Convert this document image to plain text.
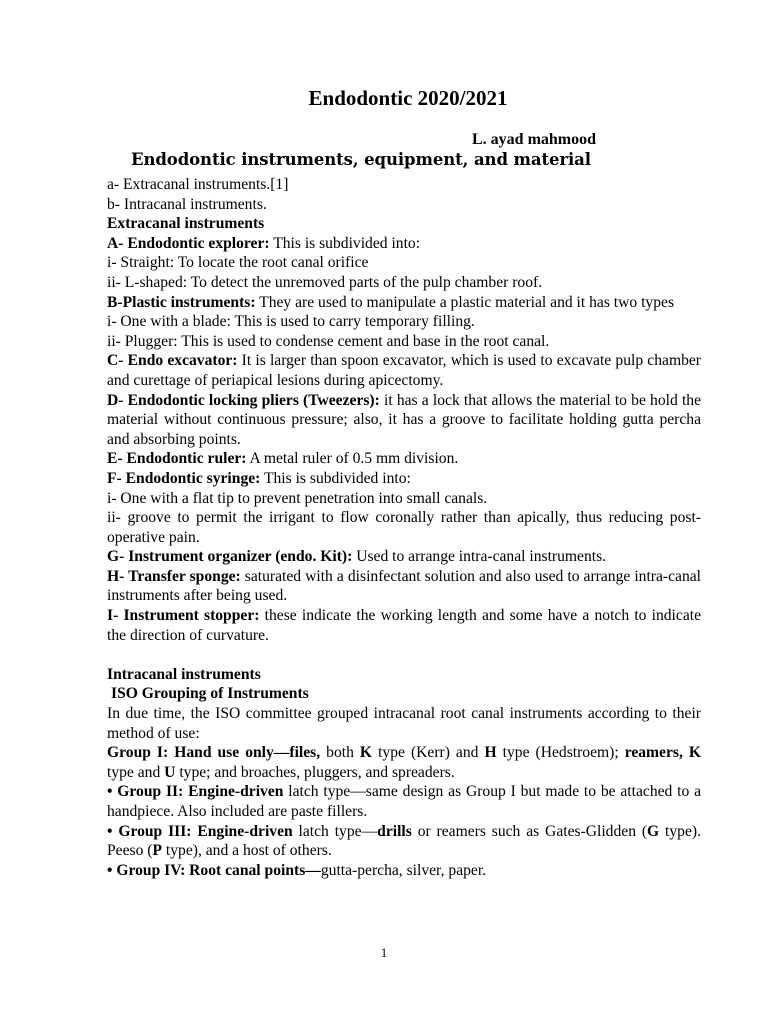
Endodontic 2020/2021
L. ayad mahmood
Endodontic instruments, equipment, and material

a- Extracanal instruments.[1]

b- Intracanal instruments.

Extracanal instruments

A- Endodontic explorer: This is subdivided into:

i- Straight: To locate the root canal orifice

ii- L-shaped: To detect the unremoved parts of the pulp chamber roof.

B-Plastic instruments: They are used to manipulate a plastic material and it has two types

i- One with a blade: This is used to carry temporary filling.

ii- Plugger: This is used to condense cement and base in the root canal.

C- Endo excavator: It is larger than spoon excavator, which is used to excavate pulp chamber and curettage of periapical lesions during apicectomy.

D- Endodontic locking pliers (Tweezers): it has a lock that allows the material to be hold the material without continuous pressure; also, it has a groove to facilitate holding gutta percha and absorbing points.

E- Endodontic ruler: A metal ruler of 0.5 mm division.

F- Endodontic syringe: This is subdivided into:

i- One with a flat tip to prevent penetration into small canals.

ii- groove to permit the irrigant to flow coronally rather than apically, thus reducing post-operative pain.

G- Instrument organizer (endo. Kit): Used to arrange intra-canal instruments.

H- Transfer sponge: saturated with a disinfectant solution and also used to arrange intra-canal instruments after being used.

I- Instrument stopper: these indicate the working length and some have a notch to indicate the direction of curvature.

Intracanal instruments

ISO Grouping of Instruments

In due time, the ISO committee grouped intracanal root canal instruments according to their method of use:

Group I: Hand use only—files, both K type (Kerr) and H type (Hedstroem); reamers, K type and U type; and broaches, pluggers, and spreaders.

• Group II: Engine-driven latch type—same design as Group I but made to be attached to a handpiece. Also included are paste fillers.

• Group III: Engine-driven latch type—drills or reamers such as Gates-Glidden (G type). Peeso (P type), and a host of others.

• Group IV: Root canal points—gutta-percha, silver, paper.

1
